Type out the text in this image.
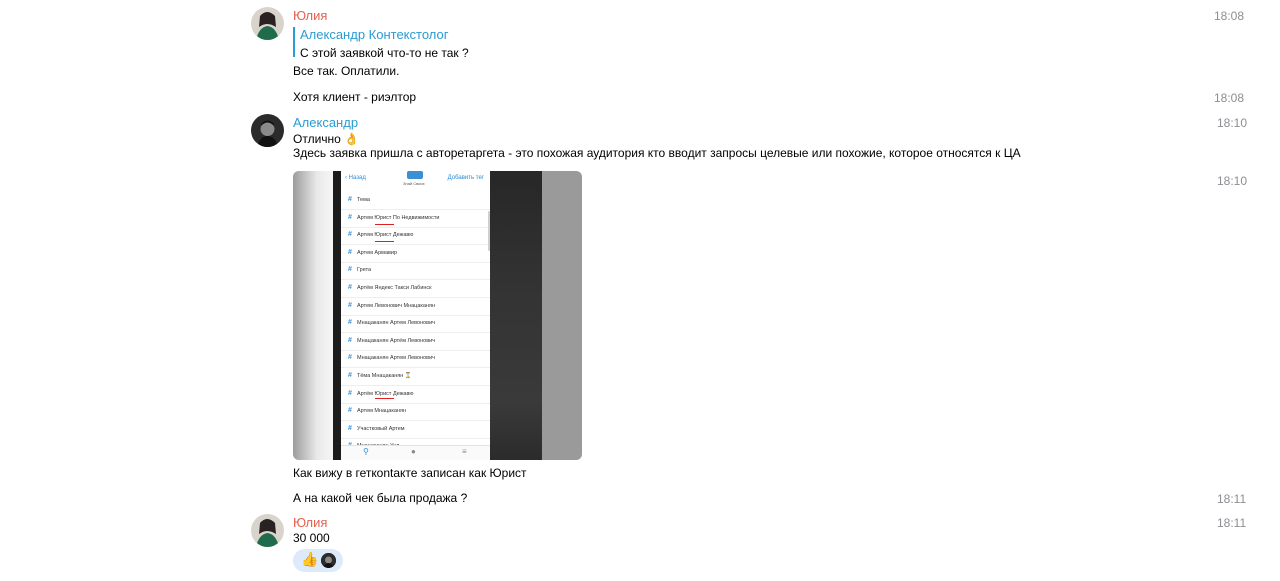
Юлия	18:08
Александр Контекстолог
С этой заявкой что-то не так ?
Все так. Оплатили.
Хотя клиент - риэлтор	18:08
Александр	18:10
Отлично 👌
Здесь заявка пришла с авторетаргета - это похожая аудитория кто вводит запросы целевые или похожие, которое относятся к ЦА
18:10
‹ Назад
Знай Своих
Добавить тег
# Тема
# Артем Юрист По Недвижимости
# Артем Юрист Дежавю
# Артем Армавир
# Грета
# Артём Яндекс Такси Лабинск
# Артем Левонович Мнацаканян
# Мнацаканян Артем Левонович
# Мнацаканян Артём Левонович
# Мнацаканян Артем Левонович
# Тёма Мнацаканян ⌛
# Артём Юрист Дежавю
# Артем Мнацаканян
# Участковый Артем
⚲	●	≡
Как вижу в геткontакте записан как Юрист
А на какой чек была продажа ?	18:11
Юлия	18:11
30 000
👍
